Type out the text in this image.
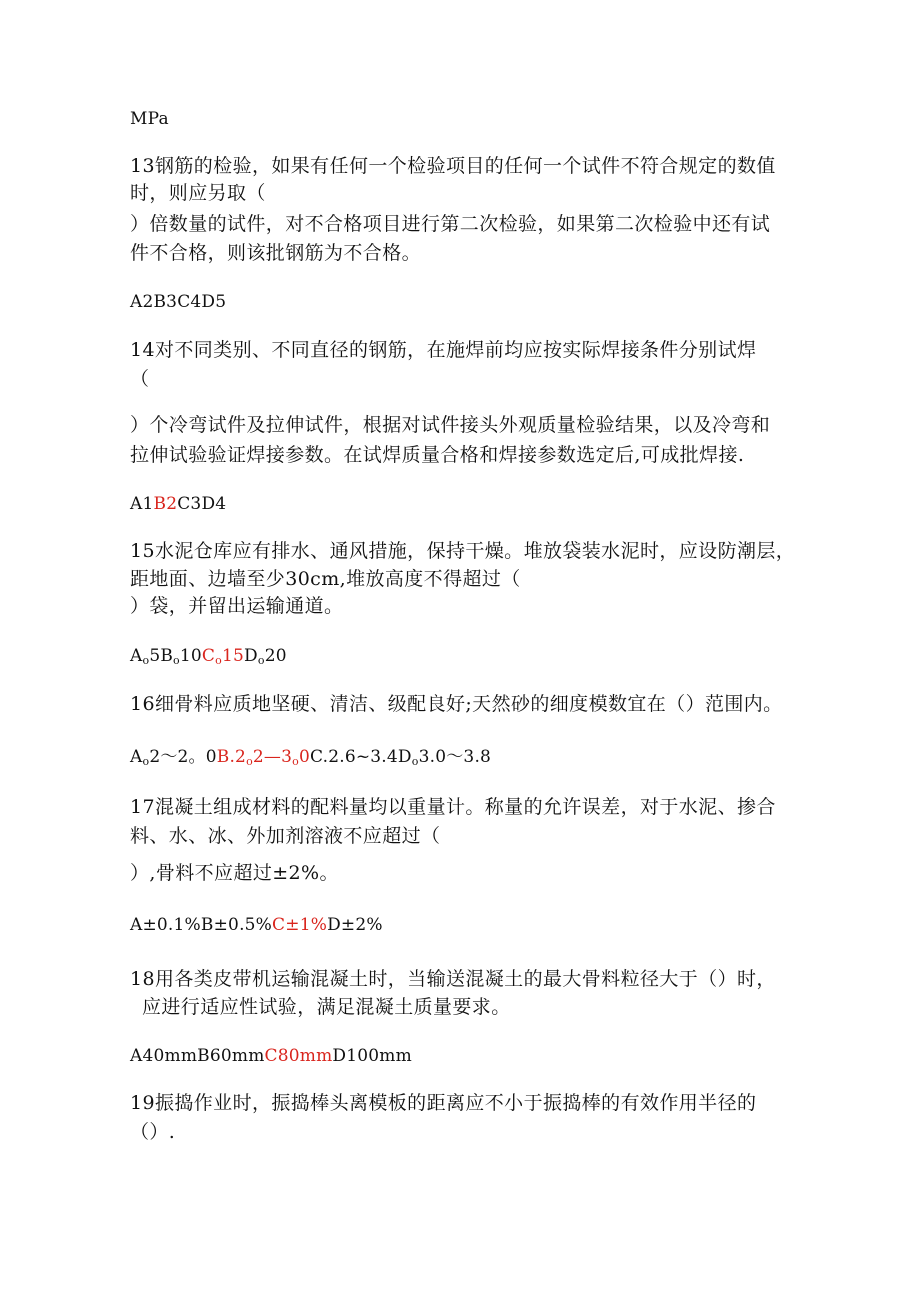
MPa
13钢筋的检验，如果有任何一个检验项目的任何一个试件不符合规定的数值
时，则应另取（
）倍数量的试件，对不合格项目进行第二次检验，如果第二次检验中还有试
件不合格，则该批钢筋为不合格。
A2B3C4D5
14对不同类别、不同直径的钢筋，在施焊前均应按实际焊接条件分别试焊
（
）个冷弯试件及拉伸试件，根据对试件接头外观质量检验结果，以及冷弯和
拉伸试验验证焊接参数。在试焊质量合格和焊接参数选定后,可成批焊接.
A1B2C3D4
15水泥仓库应有排水、通风措施，保持干燥。堆放袋装水泥时，应设防潮层，
距地面、边墙至少30cm,堆放高度不得超过（
）袋，并留出运输通道。
$A_o5B_o10C_o15D_o20$
16细骨料应质地坚硬、清洁、级配良好;天然砂的细度模数宜在（）范围内。
$A_o2\sim 2$。$0B.2_o2—3_o0C.2.6\sim 3.4D_o3.0\sim 3.8$
17混凝土组成材料的配料量均以重量计。称量的允许误差，对于水泥、掺合
料、水、冰、外加剂溶液不应超过（
）,骨料不应超过±2%。
A±0.1%B±0.5%C±1%D±2%
18用各类皮带机运输混凝土时，当输送混凝土的最大骨料粒径大于（）时，
应进行适应性试验，满足混凝土质量要求。
A40mmB60mmC80mmD100mm
19振捣作业时，振捣棒头离模板的距离应不小于振捣棒的有效作用半径的
（）.
